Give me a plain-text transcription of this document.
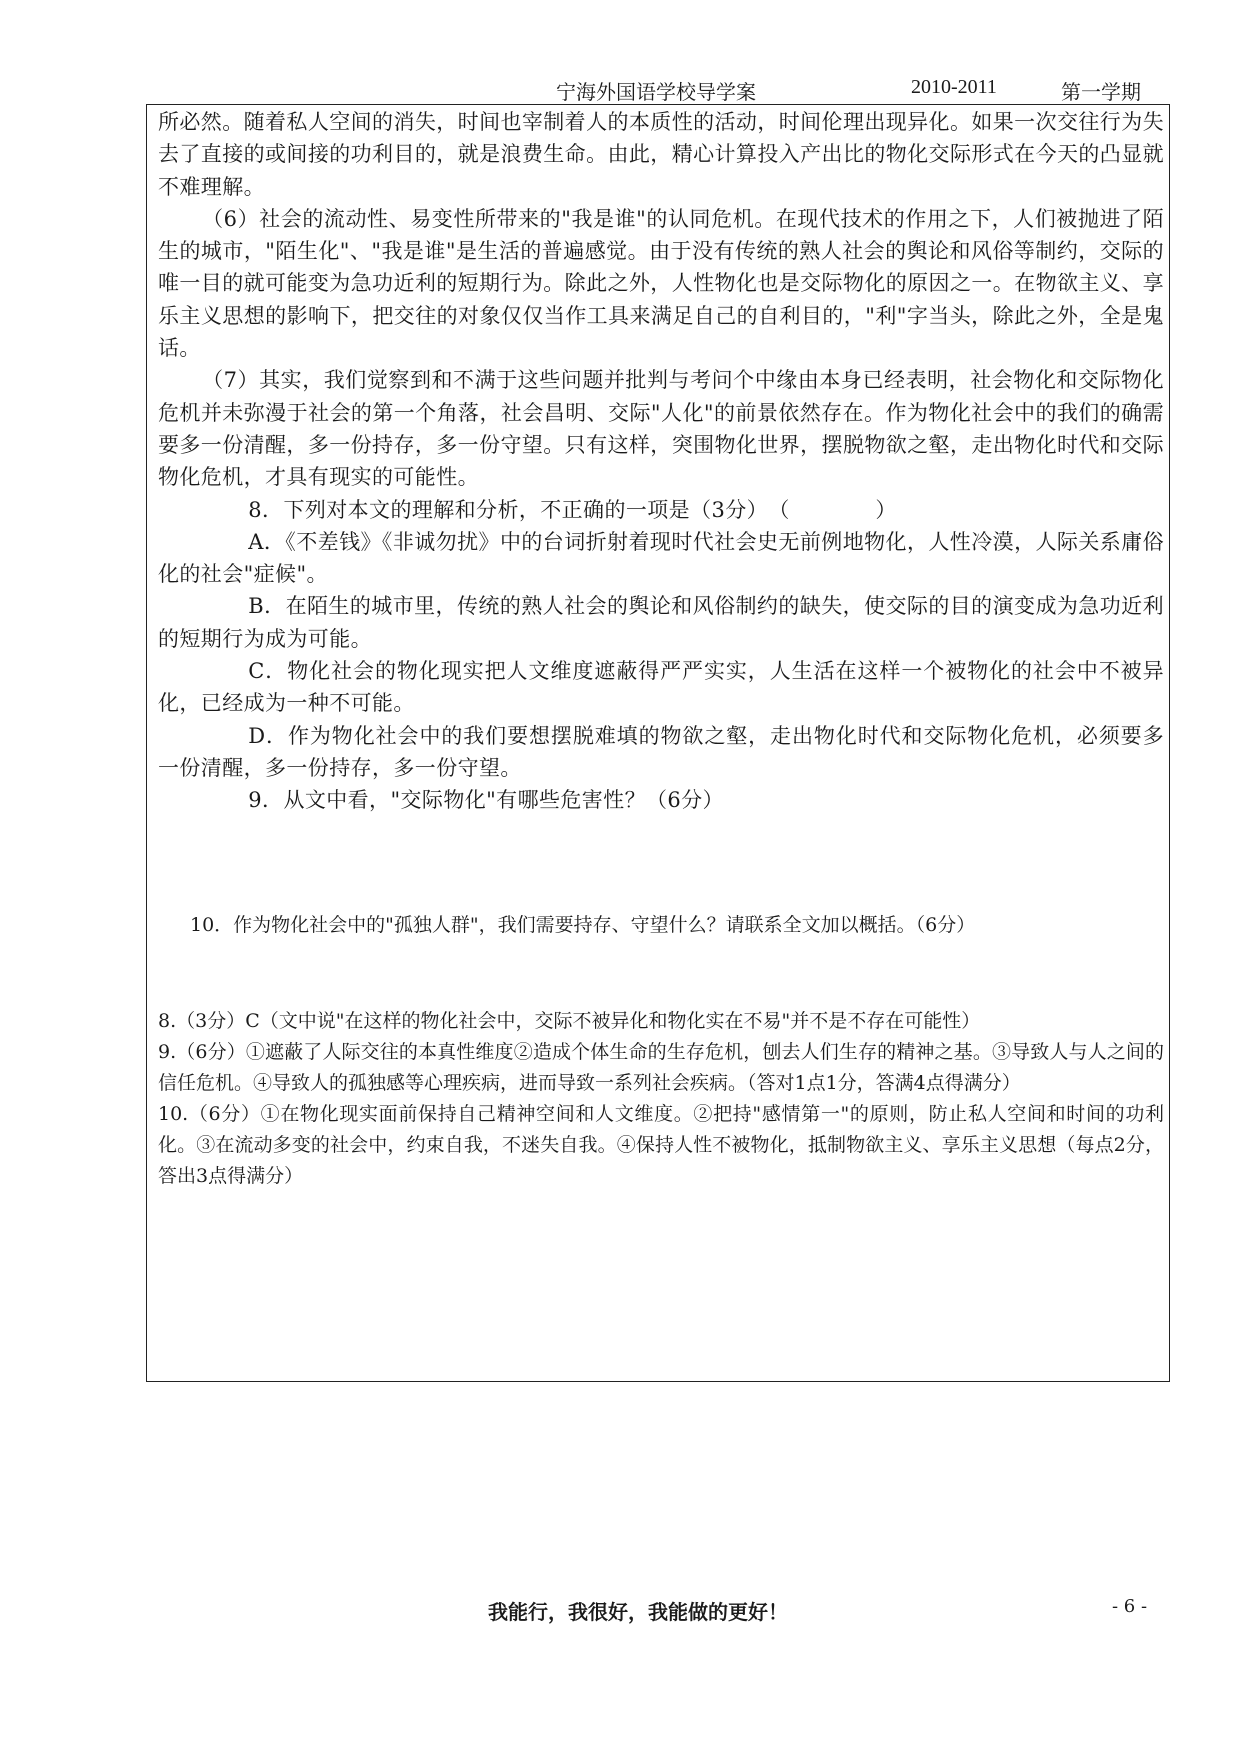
宁海外国语学校导学案	2010-2011	第一学期

所必然。随着私人空间的消失，时间也宰制着人的本质性的活动，时间伦理出现异化。如果一次交往行为失去了直接的或间接的功利目的，就是浪费生命。由此，精心计算投入产出比的物化交际形式在今天的凸显就不难理解。

（6）社会的流动性、易变性所带来的"我是谁"的认同危机。在现代技术的作用之下，人们被抛进了陌生的城市，"陌生化"、"我是谁"是生活的普遍感觉。由于没有传统的熟人社会的舆论和风俗等制约，交际的唯一目的就可能变为急功近利的短期行为。除此之外，人性物化也是交际物化的原因之一。在物欲主义、享乐主义思想的影响下，把交往的对象仅仅当作工具来满足自己的自利目的，"利"字当头，除此之外，全是鬼话。

（7）其实，我们觉察到和不满于这些问题并批判与考问个中缘由本身已经表明，社会物化和交际物化危机并未弥漫于社会的第一个角落，社会昌明、交际"人化"的前景依然存在。作为物化社会中的我们的确需要多一份清醒，多一份持存，多一份守望。只有这样，突围物化世界，摆脱物欲之壑，走出物化时代和交际物化危机，才具有现实的可能性。

8．下列对本文的理解和分析，不正确的一项是（3分）　（　　　　）

A．《不差钱》《非诚勿扰》中的台词折射着现时代社会史无前例地物化，人性冷漠，人际关系庸俗化的社会"症候"。

B．在陌生的城市里，传统的熟人社会的舆论和风俗制约的缺失，使交际的目的演变成为急功近利的短期行为成为可能。

C．物化社会的物化现实把人文维度遮蔽得严严实实，人生活在这样一个被物化的社会中不被异化，已经成为一种不可能。

D．作为物化社会中的我们要想摆脱难填的物欲之壑，走出物化时代和交际物化危机，必须要多一份清醒，多一份持存，多一份守望。

9．从文中看，"交际物化"有哪些危害性？（6分）

10．作为物化社会中的"孤独人群"，我们需要持存、守望什么？请联系全文加以概括。（6分）

8.（3分）C（文中说"在这样的物化社会中，交际不被异化和物化实在不易"并不是不存在可能性）

9.（6分）①遮蔽了人际交往的本真性维度②造成个体生命的生存危机，刨去人们生存的精神之基。③导致人与人之间的信任危机。④导致人的孤独感等心理疾病，进而导致一系列社会疾病。（答对1点1分，答满4点得满分）

10.（6分）①在物化现实面前保持自己精神空间和人文维度。②把持"感情第一"的原则，防止私人空间和时间的功利化。③在流动多变的社会中，约束自我，不迷失自我。④保持人性不被物化，抵制物欲主义、享乐主义思想（每点2分，答出3点得满分）

我能行，我很好，我能做的更好！	- 6 -
